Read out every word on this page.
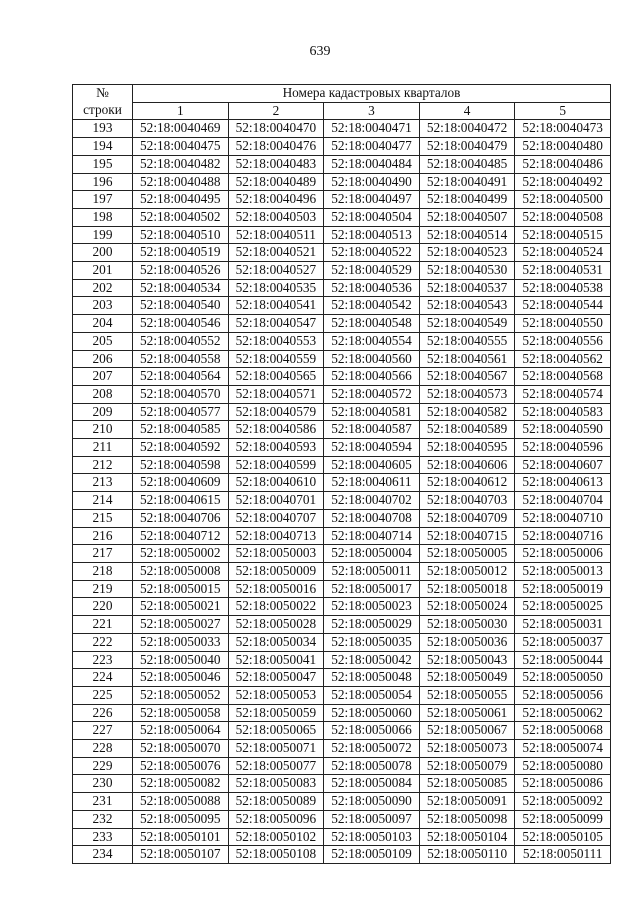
639
№	Номера кадастровых кварталов				
строки	1	2	3	4	5
193	52:18:0040469	52:18:0040470	52:18:0040471	52:18:0040472	52:18:0040473
194	52:18:0040475	52:18:0040476	52:18:0040477	52:18:0040479	52:18:0040480
195	52:18:0040482	52:18:0040483	52:18:0040484	52:18:0040485	52:18:0040486
196	52:18:0040488	52:18:0040489	52:18:0040490	52:18:0040491	52:18:0040492
197	52:18:0040495	52:18:0040496	52:18:0040497	52:18:0040499	52:18:0040500
198	52:18:0040502	52:18:0040503	52:18:0040504	52:18:0040507	52:18:0040508
199	52:18:0040510	52:18:0040511	52:18:0040513	52:18:0040514	52:18:0040515
200	52:18:0040519	52:18:0040521	52:18:0040522	52:18:0040523	52:18:0040524
201	52:18:0040526	52:18:0040527	52:18:0040529	52:18:0040530	52:18:0040531
202	52:18:0040534	52:18:0040535	52:18:0040536	52:18:0040537	52:18:0040538
203	52:18:0040540	52:18:0040541	52:18:0040542	52:18:0040543	52:18:0040544
204	52:18:0040546	52:18:0040547	52:18:0040548	52:18:0040549	52:18:0040550
205	52:18:0040552	52:18:0040553	52:18:0040554	52:18:0040555	52:18:0040556
206	52:18:0040558	52:18:0040559	52:18:0040560	52:18:0040561	52:18:0040562
207	52:18:0040564	52:18:0040565	52:18:0040566	52:18:0040567	52:18:0040568
208	52:18:0040570	52:18:0040571	52:18:0040572	52:18:0040573	52:18:0040574
209	52:18:0040577	52:18:0040579	52:18:0040581	52:18:0040582	52:18:0040583
210	52:18:0040585	52:18:0040586	52:18:0040587	52:18:0040589	52:18:0040590
211	52:18:0040592	52:18:0040593	52:18:0040594	52:18:0040595	52:18:0040596
212	52:18:0040598	52:18:0040599	52:18:0040605	52:18:0040606	52:18:0040607
213	52:18:0040609	52:18:0040610	52:18:0040611	52:18:0040612	52:18:0040613
214	52:18:0040615	52:18:0040701	52:18:0040702	52:18:0040703	52:18:0040704
215	52:18:0040706	52:18:0040707	52:18:0040708	52:18:0040709	52:18:0040710
216	52:18:0040712	52:18:0040713	52:18:0040714	52:18:0040715	52:18:0040716
217	52:18:0050002	52:18:0050003	52:18:0050004	52:18:0050005	52:18:0050006
218	52:18:0050008	52:18:0050009	52:18:0050011	52:18:0050012	52:18:0050013
219	52:18:0050015	52:18:0050016	52:18:0050017	52:18:0050018	52:18:0050019
220	52:18:0050021	52:18:0050022	52:18:0050023	52:18:0050024	52:18:0050025
221	52:18:0050027	52:18:0050028	52:18:0050029	52:18:0050030	52:18:0050031
222	52:18:0050033	52:18:0050034	52:18:0050035	52:18:0050036	52:18:0050037
223	52:18:0050040	52:18:0050041	52:18:0050042	52:18:0050043	52:18:0050044
224	52:18:0050046	52:18:0050047	52:18:0050048	52:18:0050049	52:18:0050050
225	52:18:0050052	52:18:0050053	52:18:0050054	52:18:0050055	52:18:0050056
226	52:18:0050058	52:18:0050059	52:18:0050060	52:18:0050061	52:18:0050062
227	52:18:0050064	52:18:0050065	52:18:0050066	52:18:0050067	52:18:0050068
228	52:18:0050070	52:18:0050071	52:18:0050072	52:18:0050073	52:18:0050074
229	52:18:0050076	52:18:0050077	52:18:0050078	52:18:0050079	52:18:0050080
230	52:18:0050082	52:18:0050083	52:18:0050084	52:18:0050085	52:18:0050086
231	52:18:0050088	52:18:0050089	52:18:0050090	52:18:0050091	52:18:0050092
232	52:18:0050095	52:18:0050096	52:18:0050097	52:18:0050098	52:18:0050099
233	52:18:0050101	52:18:0050102	52:18:0050103	52:18:0050104	52:18:0050105
234	52:18:0050107	52:18:0050108	52:18:0050109	52:18:0050110	52:18:0050111
